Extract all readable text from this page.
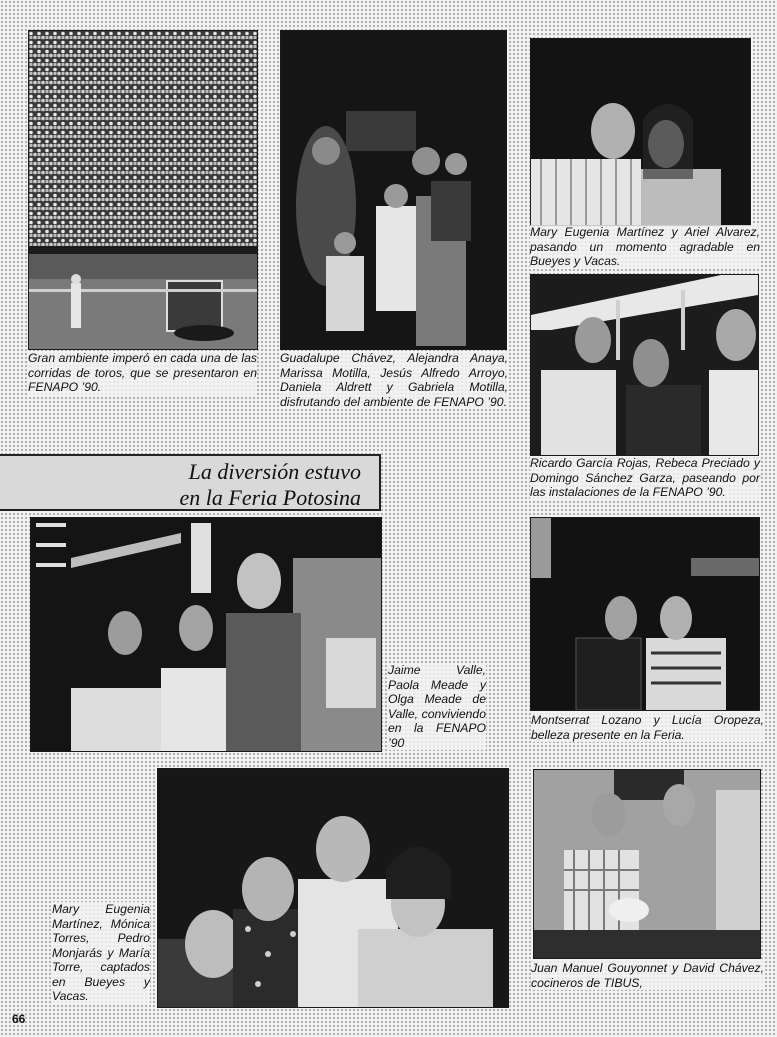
Gran ambiente imperó en cada una de las corridas de toros, que se presentaron en FENAPO ’90.
Guadalupe Chávez, Alejandra Anaya, Marissa Motilla, Jesús Alfredo Arroyo, Daniela Aldrett y Gabriela Motilla, disfrutando del ambiente de FENAPO ’90.
Mary Eugenia Martínez y Ariel Alvarez, pasando un momento agradable en Bueyes y Vacas.
Ricardo García Rojas, Rebeca Preciado y Domingo Sánchez Garza, paseando por las instalaciones de la FENAPO ’90.
La diversión estuvo
en la Feria Potosina
Jaime Valle, Paola Meade y Olga Meade de Valle, conviviendo en la FENAPO ’90
Montserrat Lozano y Lucía Oropeza, belleza presente en la Feria.
Mary Eugenia Martínez, Mónica Torres, Pedro Monjarás y María Torre, captados en Bueyes y Vacas.
Juan Manuel Gouyonnet y David Chávez, cocineros de TIBUS,
66
